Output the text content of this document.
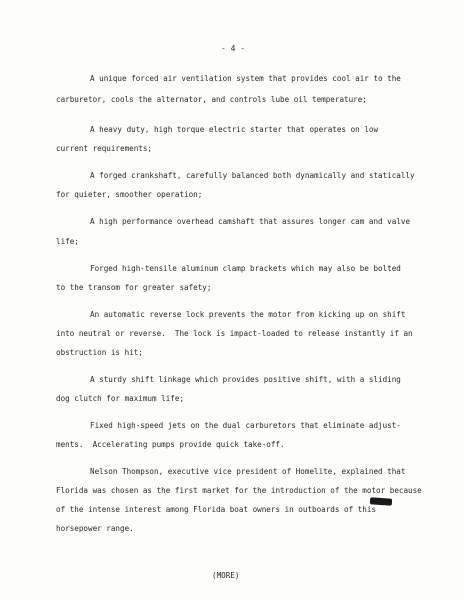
- 4 -
A unique forced air ventilation system that provides cool air to the
carburetor, cools the alternator, and controls lube oil temperature;
A heavy duty, high torque electric starter that operates on low
current requirements;
A forged crankshaft, carefully balanced both dynamically and statically
for quieter, smoother operation;
A high performance overhead camshaft that assures longer cam and valve
life;
Forged high-tensile aluminum clamp brackets which may also be bolted
to the transom for greater safety;
An automatic reverse lock prevents the motor from kicking up on shift
into neutral or reverse.  The lock is impact-loaded to release instantly if an
obstruction is hit;
A sturdy shift linkage which provides positive shift, with a sliding
dog clutch for maximum life;
Fixed high-speed jets on the dual carburetors that eliminate adjust-
ments.  Accelerating pumps provide quick take-off.
Nelson Thompson, executive vice president of Homelite, explained that
Florida was chosen as the first market for the introduction of the motor because
of the intense interest among Florida boat owners in outboards of this
horsepower range.
(MORE)
